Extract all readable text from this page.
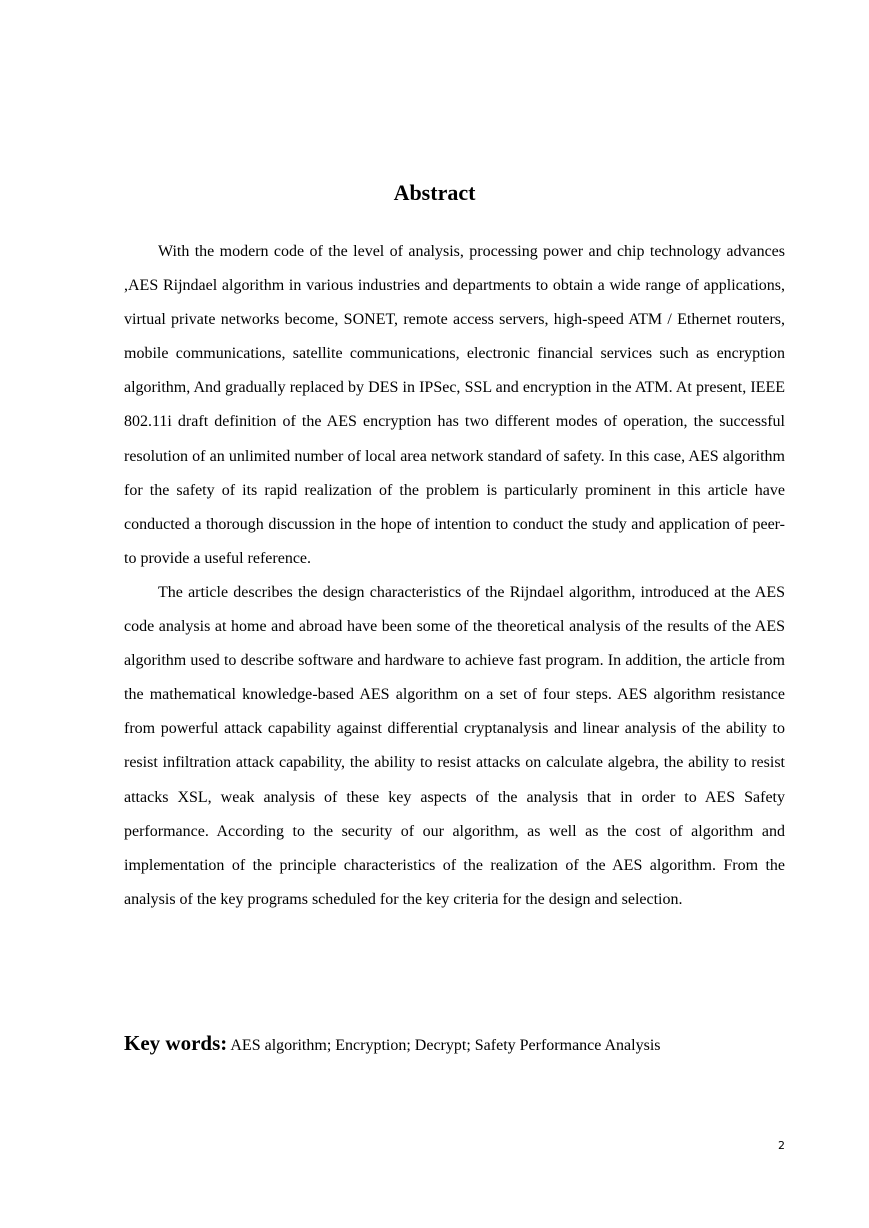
Abstract

With the modern code of the level of analysis, processing power and chip technology advances ,AES Rijndael algorithm in various industries and departments to obtain a wide range of applications, virtual private networks become, SONET, remote access servers, high-speed ATM / Ethernet routers, mobile communications, satellite communications, electronic financial services such as encryption algorithm, And gradually replaced by DES in IPSec, SSL and encryption in the ATM. At present, IEEE 802.11i draft definition of the AES encryption has two different modes of operation, the successful resolution of an unlimited number of local area network standard of safety. In this case, AES algorithm for the safety of its rapid realization of the problem is particularly prominent in this article have conducted a thorough discussion in the hope of intention to conduct the study and application of peer-to provide a useful reference.

The article describes the design characteristics of the Rijndael algorithm, introduced at the AES code analysis at home and abroad have been some of the theoretical analysis of the results of the AES algorithm used to describe software and hardware to achieve fast program. In addition, the article from the mathematical knowledge-based AES algorithm on a set of four steps. AES algorithm resistance from powerful attack capability against differential cryptanalysis and linear analysis of the ability to resist infiltration attack capability, the ability to resist attacks on calculate algebra, the ability to resist attacks XSL, weak analysis of these key aspects of the analysis that in order to AES Safety performance. According to the security of our algorithm, as well as the cost of algorithm and implementation of the principle characteristics of the realization of the AES algorithm. From the analysis of the key programs scheduled for the key criteria for the design and selection.

Key words: AES algorithm; Encryption; Decrypt; Safety Performance Analysis

2
